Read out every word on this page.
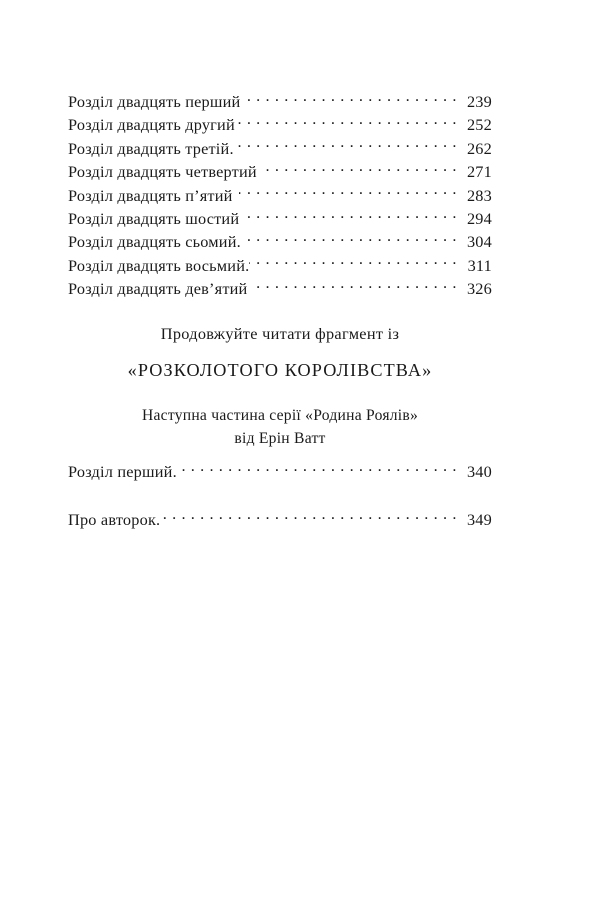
Розділ двадцять перший . . .	239
Розділ двадцять другий . . .	252
Розділ двадцять третій. . . .	262
Розділ двадцять четвертий . . .	271
Розділ двадцять п’ятий . . .	283
Розділ двадцять шостий . . .	294
Розділ двадцять сьомий. . . .	304
Розділ двадцять восьмий. . . .	311
Розділ двадцять дев’ятий . . .	326
Продовжуйте читати фрагмент із
«РОЗКОЛОТОГО КОРОЛІВСТВА»
Наступна частина серії «Родина Роялів»
від Ерін Ватт
Розділ перший. . . .	340
Про авторок. . . .	349
